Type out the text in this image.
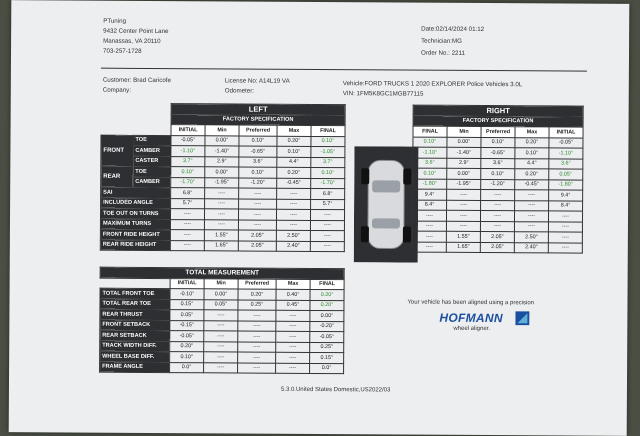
PTuning
9432 Center Point Lane
Manassas, VA 20110
703-257-1728
Date:02/14/2024 01:12
Technician:MG
Order No.: 2211
Customer: Brad Caricofe
Company:
License No: A14L19 VA
Odometer:
Vehicle:FORD TRUCKS 1 2020 EXPLORER Police Vehicles 3.0L
VIN: 1FM5K8GC1MGB77115
		LEFT				
		FACTORY SPECIFICATION				
		INITIAL	Min	Preferred	Max	FINAL
FRONT	TOE	-0.05°	0.00°	0.10°	0.20°	0.10°
	CAMBER	-1.10°	-1.40°	-0.65°	0.10°	-1.05°
	CASTER	3.7°	2.9°	3.6°	4.4°	3.7°
REAR	TOE	0.10°	0.00°	0.10°	0.20°	0.10°
	CAMBER	-1.70°	-1.95°	-1.20°	-0.45°	-1.70°
SAI		6.8°	----	----	----	6.8°
INCLUDED ANGLE		5.7°	----	----	----	5.7°
TOE OUT ON TURNS		----	----	----	----	----
MAXIMUM TURNS		----	----	----	----	----
FRONT RIDE HEIGHT		----	1.55"	2.05"	2.50"	----
REAR RIDE HEIGHT		----	1.65"	2.05"	2.40"	----
RIGHT				
FACTORY SPECIFICATION				
FINAL	Min	Preferred	Max	INITIAL
0.10°	0.00°	0.10°	0.20°	-0.05°
-1.10°	-1.40°	-0.65°	0.10°	-1.10°
3.6°	2.9°	3.6°	4.4°	3.6°
0.10°	0.00°	0.10°	0.20°	0.05°
-1.80°	-1.95°	-1.20°	-0.45°	-1.80°
9.4°	----	----	----	9.4°
8.4°	----	----	----	8.4°
----	----	----	----	----
----	----	----	----	----
----	1.55"	2.05"	2.50"	----
----	1.65"	2.05"	2.40"	----
TOTAL MEASUREMENT					
	INITIAL	Min	Preferred	Max	FINAL
TOTAL FRONT TOE	-0.10°	0.00°	0.20°	0.40°	0.20°
TOTAL REAR TOE	0.15°	0.05°	0.25°	0.45°	0.20°
REAR THRUST	0.05°	----	----	----	0.00°
FRONT SETBACK	-0.15°	----	----	----	-0.20°
REAR SETBACK	-0.05°	----	----	----	-0.05°
TRACK WIDTH DIFF.	0.20"	----	----	----	0.25"
WHEEL BASE DIFF.	0.10"	----	----	----	0.15"
FRAME ANGLE	0.0°	----	----	----	0.0°
Your vehicle has been aligned using a precision
HOFMANN
wheel aligner.
5.3.0.United States Domestic,US2022/03
